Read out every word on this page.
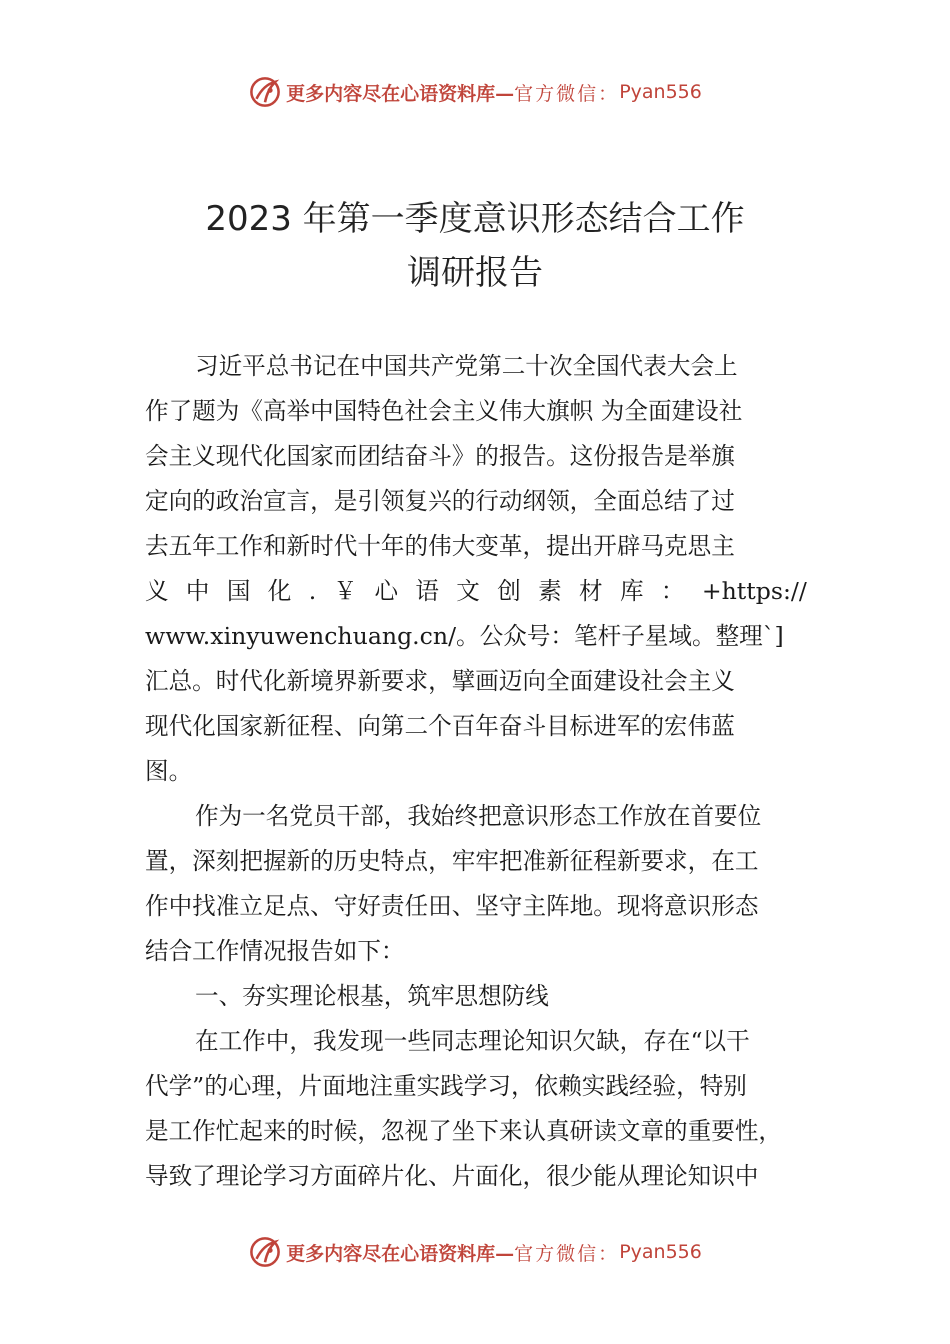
更多内容尽在心语资料库— 官方微信： Pyan556
2023 年第一季度意识形态结合工作
调研报告
习近平总书记在中国共产党第二十次全国代表大会上
作了题为《高举中国特色社会主义伟大旗帜 为全面建设社
会主义现代化国家而团结奋斗》的报告。这份报告是举旗
定向的政治宣言，是引领复兴的行动纲领，全面总结了过
去五年工作和新时代十年的伟大变革，提出开辟马克思主
义 中 国 化 . ￥ 心 语 文 创 素 材 库 ： +https://
www.xinyuwenchuang.cn/。公众号：笔杆子星域。整理`]
汇总。时代化新境界新要求，擘画迈向全面建设社会主义
现代化国家新征程、向第二个百年奋斗目标进军的宏伟蓝
图。
作为一名党员干部，我始终把意识形态工作放在首要位
置，深刻把握新的历史特点，牢牢把准新征程新要求，在工
作中找准立足点、守好责任田、坚守主阵地。现将意识形态
结合工作情况报告如下：
一、夯实理论根基，筑牢思想防线
在工作中，我发现一些同志理论知识欠缺，存在“以干
代学”的心理，片面地注重实践学习，依赖实践经验，特别
是工作忙起来的时候，忽视了坐下来认真研读文章的重要性，
导致了理论学习方面碎片化、片面化，很少能从理论知识中
更多内容尽在心语资料库— 官方微信： Pyan556
